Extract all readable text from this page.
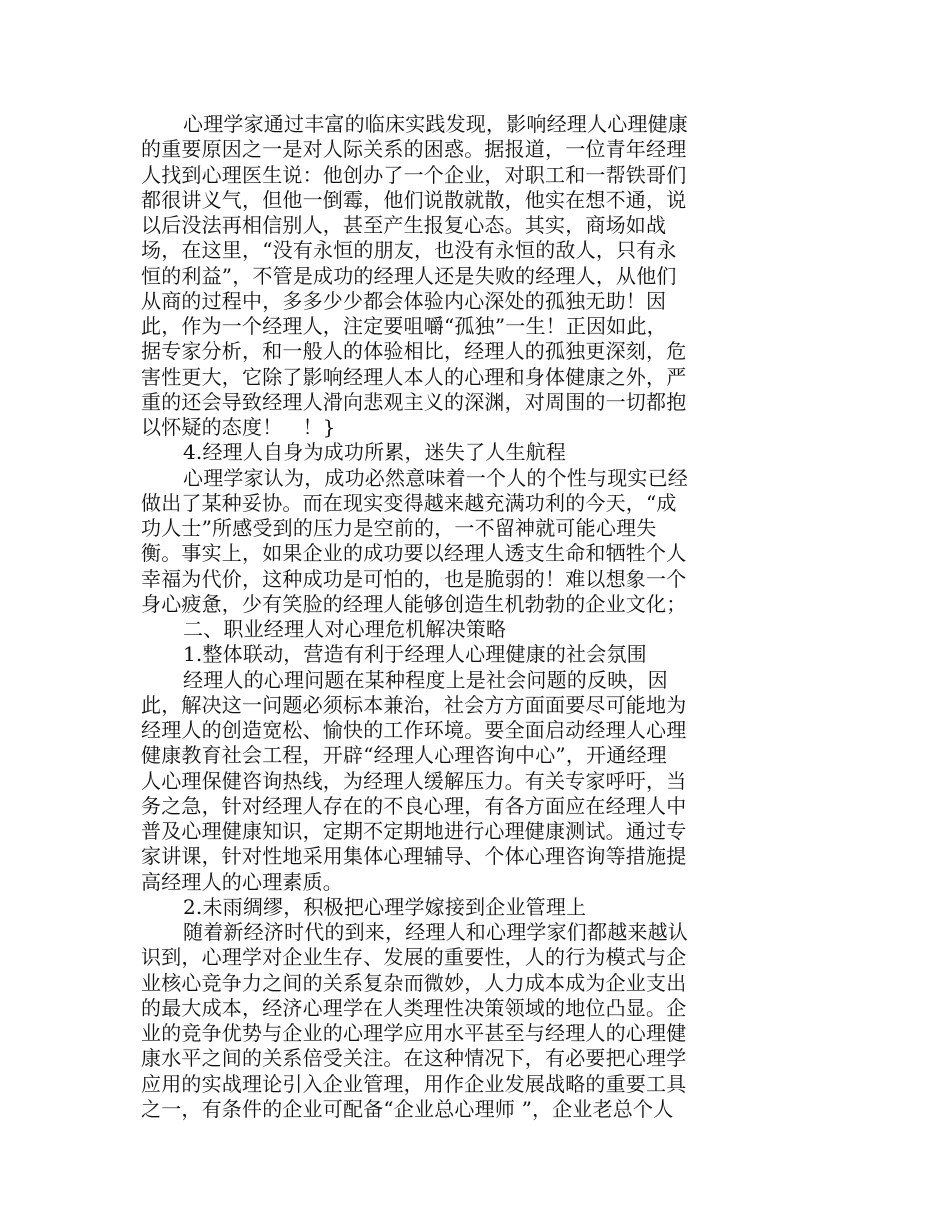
心理学家通过丰富的临床实践发现，影响经理人心理健康
的重要原因之一是对人际关系的困惑。据报道，一位青年经理
人找到心理医生说：他创办了一个企业，对职工和一帮铁哥们
都很讲义气，但他一倒霉，他们说散就散，他实在想不通，说
以后没法再相信别人，甚至产生报复心态。其实，商场如战
场，在这里，“没有永恒的朋友，也没有永恒的敌人，只有永
恒的利益”，不管是成功的经理人还是失败的经理人，从他们
从商的过程中，多多少少都会体验内心深处的孤独无助！因
此，作为一个经理人，注定要咀嚼“孤独”一生！正因如此，
据专家分析，和一般人的体验相比，经理人的孤独更深刻，危
害性更大，它除了影响经理人本人的心理和身体健康之外，严
重的还会导致经理人滑向悲观主义的深渊，对周围的一切都抱
以怀疑的态度！　！}
4.经理人自身为成功所累，迷失了人生航程
心理学家认为，成功必然意味着一个人的个性与现实已经
做出了某种妥协。而在现实变得越来越充满功利的今天，“成
功人士”所感受到的压力是空前的，一不留神就可能心理失
衡。事实上，如果企业的成功要以经理人透支生命和牺牲个人
幸福为代价，这种成功是可怕的，也是脆弱的！难以想象一个
身心疲惫，少有笑脸的经理人能够创造生机勃勃的企业文化；
二、职业经理人对心理危机解决策略
1.整体联动，营造有利于经理人心理健康的社会氛围
经理人的心理问题在某种程度上是社会问题的反映，因
此，解决这一问题必须标本兼治，社会方方面面要尽可能地为
经理人的创造宽松、愉快的工作环境。要全面启动经理人心理
健康教育社会工程，开辟“经理人心理咨询中心”，开通经理
人心理保健咨询热线，为经理人缓解压力。有关专家呼吁，当
务之急，针对经理人存在的不良心理，有各方面应在经理人中
普及心理健康知识，定期不定期地进行心理健康测试。通过专
家讲课，针对性地采用集体心理辅导、个体心理咨询等措施提
高经理人的心理素质。
2.未雨绸缪，积极把心理学嫁接到企业管理上
随着新经济时代的到来，经理人和心理学家们都越来越认
识到，心理学对企业生存、发展的重要性，人的行为模式与企
业核心竞争力之间的关系复杂而微妙，人力成本成为企业支出
的最大成本，经济心理学在人类理性决策领域的地位凸显。企
业的竞争优势与企业的心理学应用水平甚至与经理人的心理健
康水平之间的关系倍受关注。在这种情况下，有必要把心理学
应用的实战理论引入企业管理，用作企业发展战略的重要工具
之一，有条件的企业可配备“企业总心理师 ”，企业老总个人
